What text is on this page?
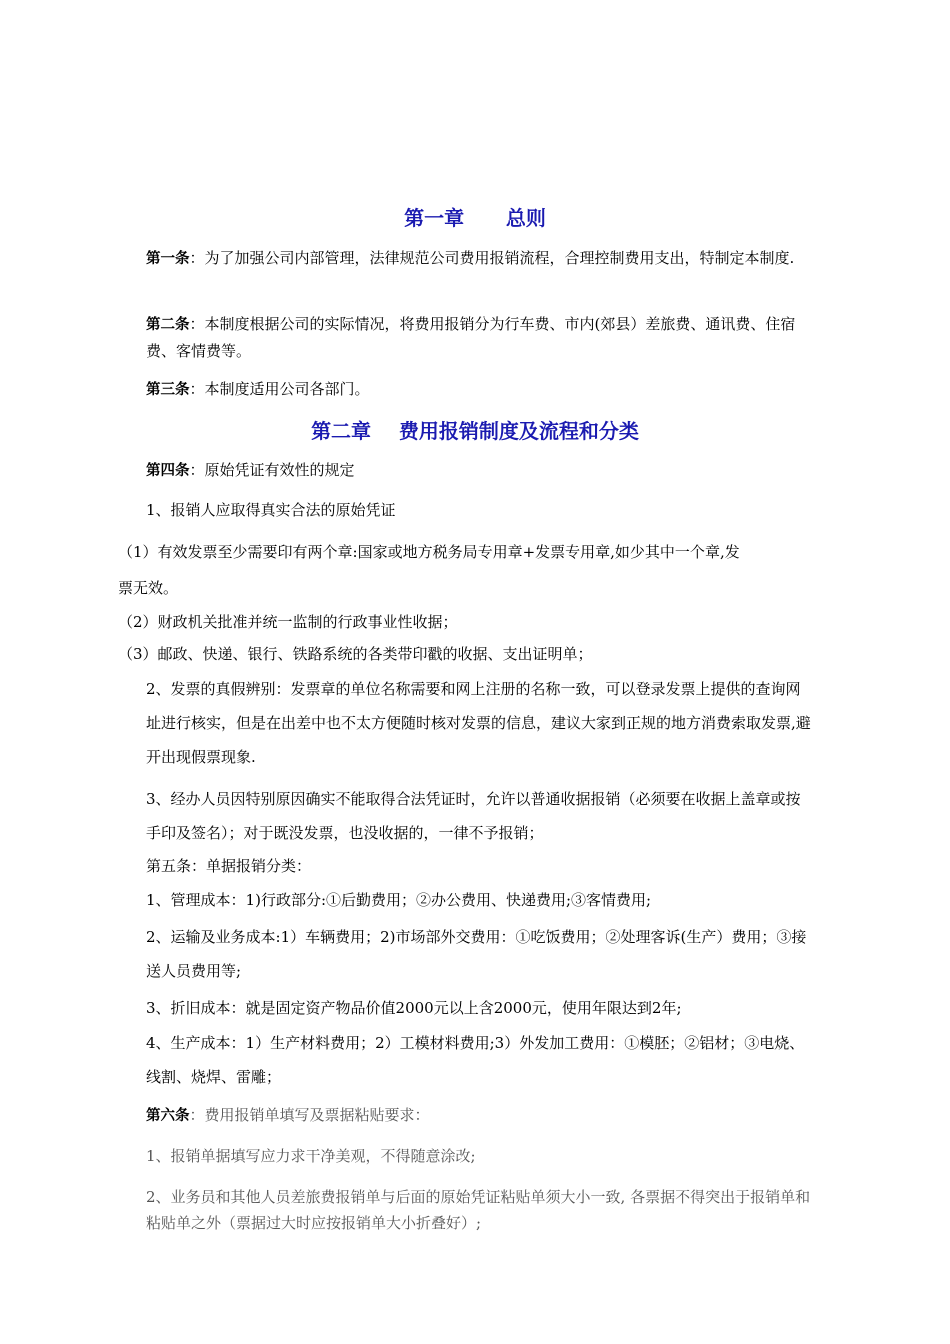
第一章      总则

第一条：为了加强公司内部管理，法律规范公司费用报销流程，合理控制费用支出，特制定本制度.

第二条：本制度根据公司的实际情况，将费用报销分为行车费、市内(郊县）差旅费、通讯费、住宿费、客情费等。

第三条：本制度适用公司各部门。

第二章    费用报销制度及流程和分类

第四条：原始凭证有效性的规定

1、报销人应取得真实合法的原始凭证

（1）有效发票至少需要印有两个章:国家或地方税务局专用章+发票专用章,如少其中一个章,发

票无效。

（2）财政机关批准并统一监制的行政事业性收据；

（3）邮政、快递、银行、铁路系统的各类带印戳的收据、支出证明单；

2、发票的真假辨别：发票章的单位名称需要和网上注册的名称一致，可以登录发票上提供的查询网址进行核实，但是在出差中也不太方便随时核对发票的信息，建议大家到正规的地方消费索取发票,避开出现假票现象.

3、经办人员因特别原因确实不能取得合法凭证时，允许以普通收据报销（必须要在收据上盖章或按手印及签名）；对于既没发票，也没收据的，一律不予报销；

第五条：单据报销分类：

1、管理成本：1)行政部分:①后勤费用；②办公费用、快递费用;③客情费用;

2、运输及业务成本:1）车辆费用；2)市场部外交费用：①吃饭费用；②处理客诉(生产）费用；③接送人员费用等;

3、折旧成本：就是固定资产物品价值2000元以上含2000元，使用年限达到2年;

4、生产成本：1）生产材料费用；2）工模材料费用;3）外发加工费用：①模胚；②铝材；③电烧、线割、烧焊、雷雕；

第六条：费用报销单填写及票据粘贴要求：

1、报销单据填写应力求干净美观，不得随意涂改;

2、业务员和其他人员差旅费报销单与后面的原始凭证粘贴单须大小一致, 各票据不得突出于报销单和粘贴单之外（票据过大时应按报销单大小折叠好）;
